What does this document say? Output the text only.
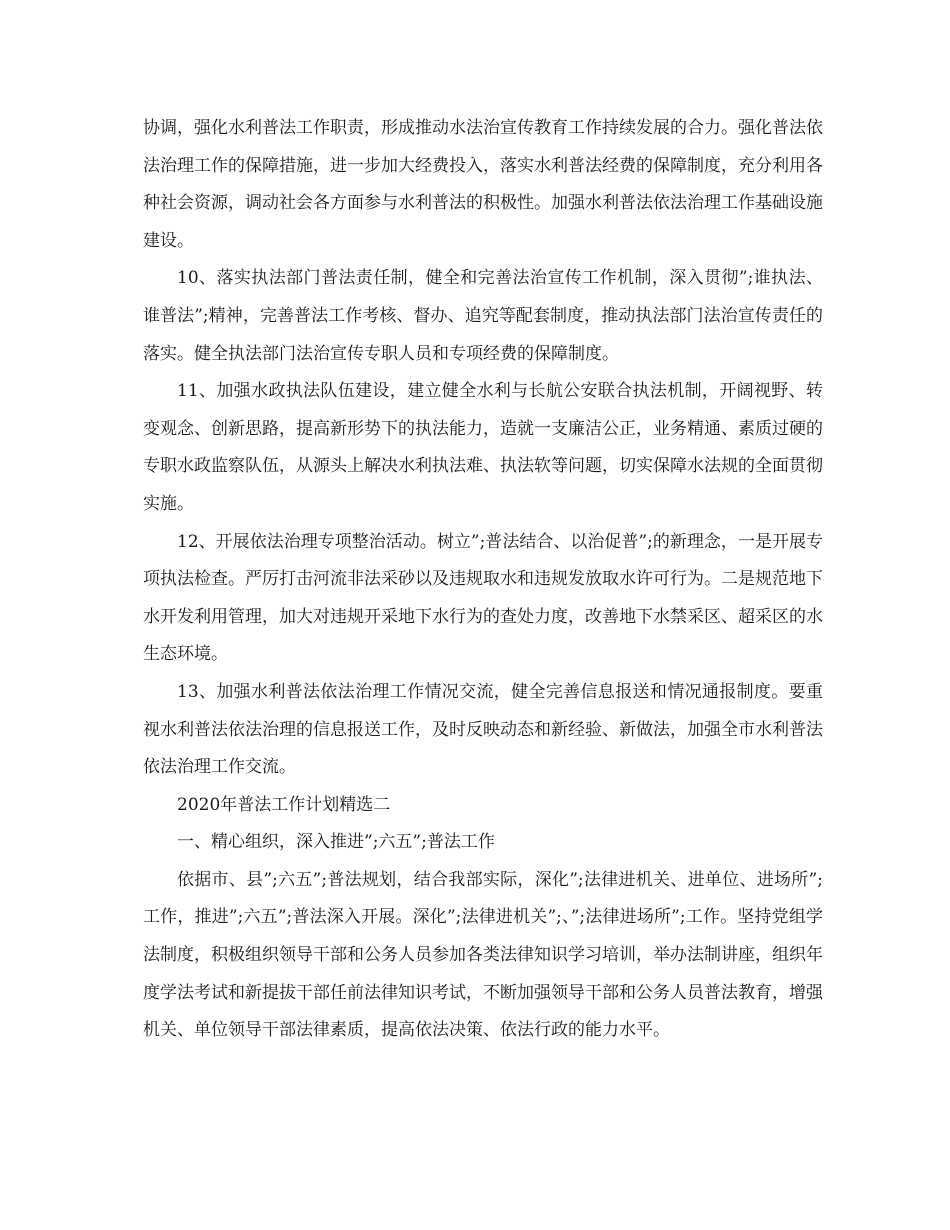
协调，强化水利普法工作职责，形成推动水法治宣传教育工作持续发展的合力。强化普法依法治理工作的保障措施，进一步加大经费投入，落实水利普法经费的保障制度，充分利用各种社会资源，调动社会各方面参与水利普法的积极性。加强水利普法依法治理工作基础设施建设。

10、落实执法部门普法责任制，健全和完善法治宣传工作机制，深入贯彻”;谁执法、谁普法”;精神，完善普法工作考核、督办、追究等配套制度，推动执法部门法治宣传责任的落实。健全执法部门法治宣传专职人员和专项经费的保障制度。

11、加强水政执法队伍建设，建立健全水利与长航公安联合执法机制，开阔视野、转变观念、创新思路，提高新形势下的执法能力，造就一支廉洁公正，业务精通、素质过硬的专职水政监察队伍，从源头上解决水利执法难、执法软等问题，切实保障水法规的全面贯彻实施。

12、开展依法治理专项整治活动。树立”;普法结合、以治促普”;的新理念，一是开展专项执法检查。严厉打击河流非法采砂以及违规取水和违规发放取水许可行为。二是规范地下水开发利用管理，加大对违规开采地下水行为的查处力度，改善地下水禁采区、超采区的水生态环境。

13、加强水利普法依法治理工作情况交流，健全完善信息报送和情况通报制度。要重视水利普法依法治理的信息报送工作，及时反映动态和新经验、新做法，加强全市水利普法依法治理工作交流。

2020年普法工作计划精选二

一、精心组织，深入推进”;六五”;普法工作

依据市、县”;六五”;普法规划，结合我部实际，深化”;法律进机关、进单位、进场所”;工作，推进”;六五”;普法深入开展。深化”;法律进机关”;、”;法律进场所”;工作。坚持党组学法制度，积极组织领导干部和公务人员参加各类法律知识学习培训，举办法制讲座，组织年度学法考试和新提拔干部任前法律知识考试，不断加强领导干部和公务人员普法教育，增强机关、单位领导干部法律素质，提高依法决策、依法行政的能力水平。
